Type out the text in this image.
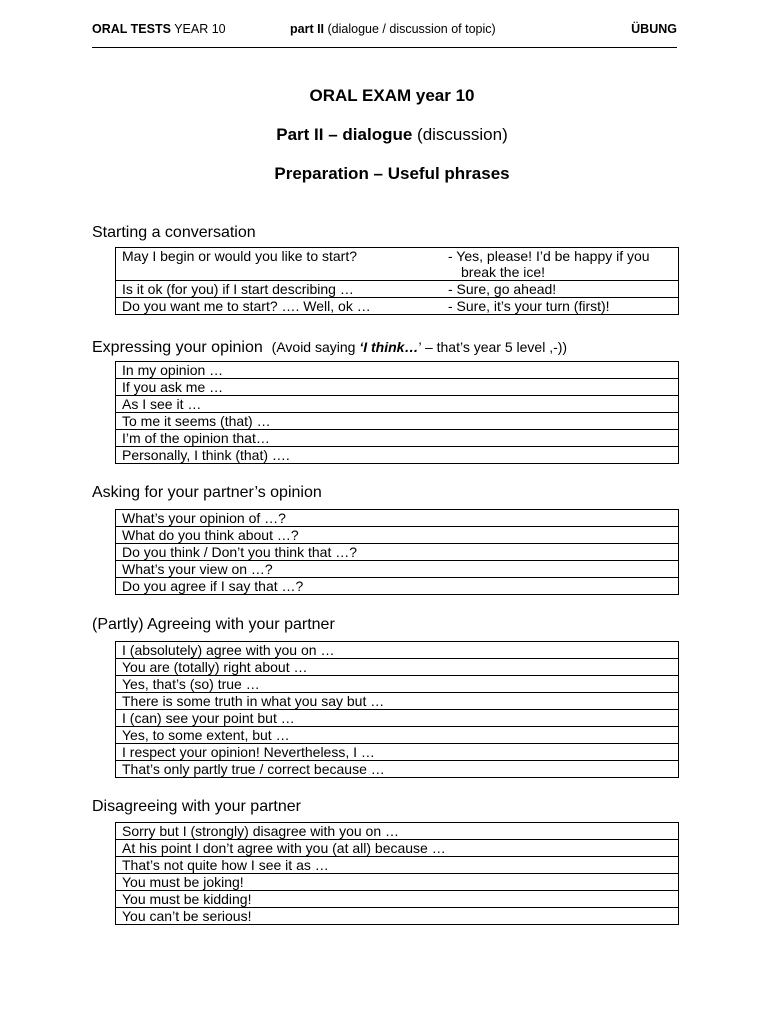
ORAL TESTS YEAR 10	part II (dialogue / discussion of topic)	ÜBUNG
ORAL EXAM year 10
Part II – dialogue (discussion)
Preparation – Useful phrases
Starting a conversation
May I begin or would you like to start?	- Yes, please! I’d be happy if you
break the ice!

Is it ok (for you) if I start describing …	- Sure, go ahead!
Do you want me to start? …. Well, ok …	- Sure, it’s your turn (first)!
Expressing your opinion (Avoid saying ‘I think…’ – that’s year 5 level ,-))
In my opinion …
If you ask me …
As I see it …
To me it seems (that) …
I’m of the opinion that…
Personally, I think (that) ….
Asking for your partner’s opinion
What’s your opinion of …?
What do you think about …?
Do you think / Don’t you think that …?
What’s your view on …?
Do you agree if I say that …?
(Partly) Agreeing with your partner
I (absolutely) agree with you on …
You are (totally) right about …
Yes, that’s (so) true …
There is some truth in what you say but …
I (can) see your point but …
Yes, to some extent, but …
I respect your opinion! Nevertheless, I …
That’s only partly true / correct because …
Disagreeing with your partner
Sorry but I (strongly) disagree with you on …
At his point I don’t agree with you (at all) because …
That’s not quite how I see it as …
You must be joking!
You must be kidding!
You can’t be serious!
